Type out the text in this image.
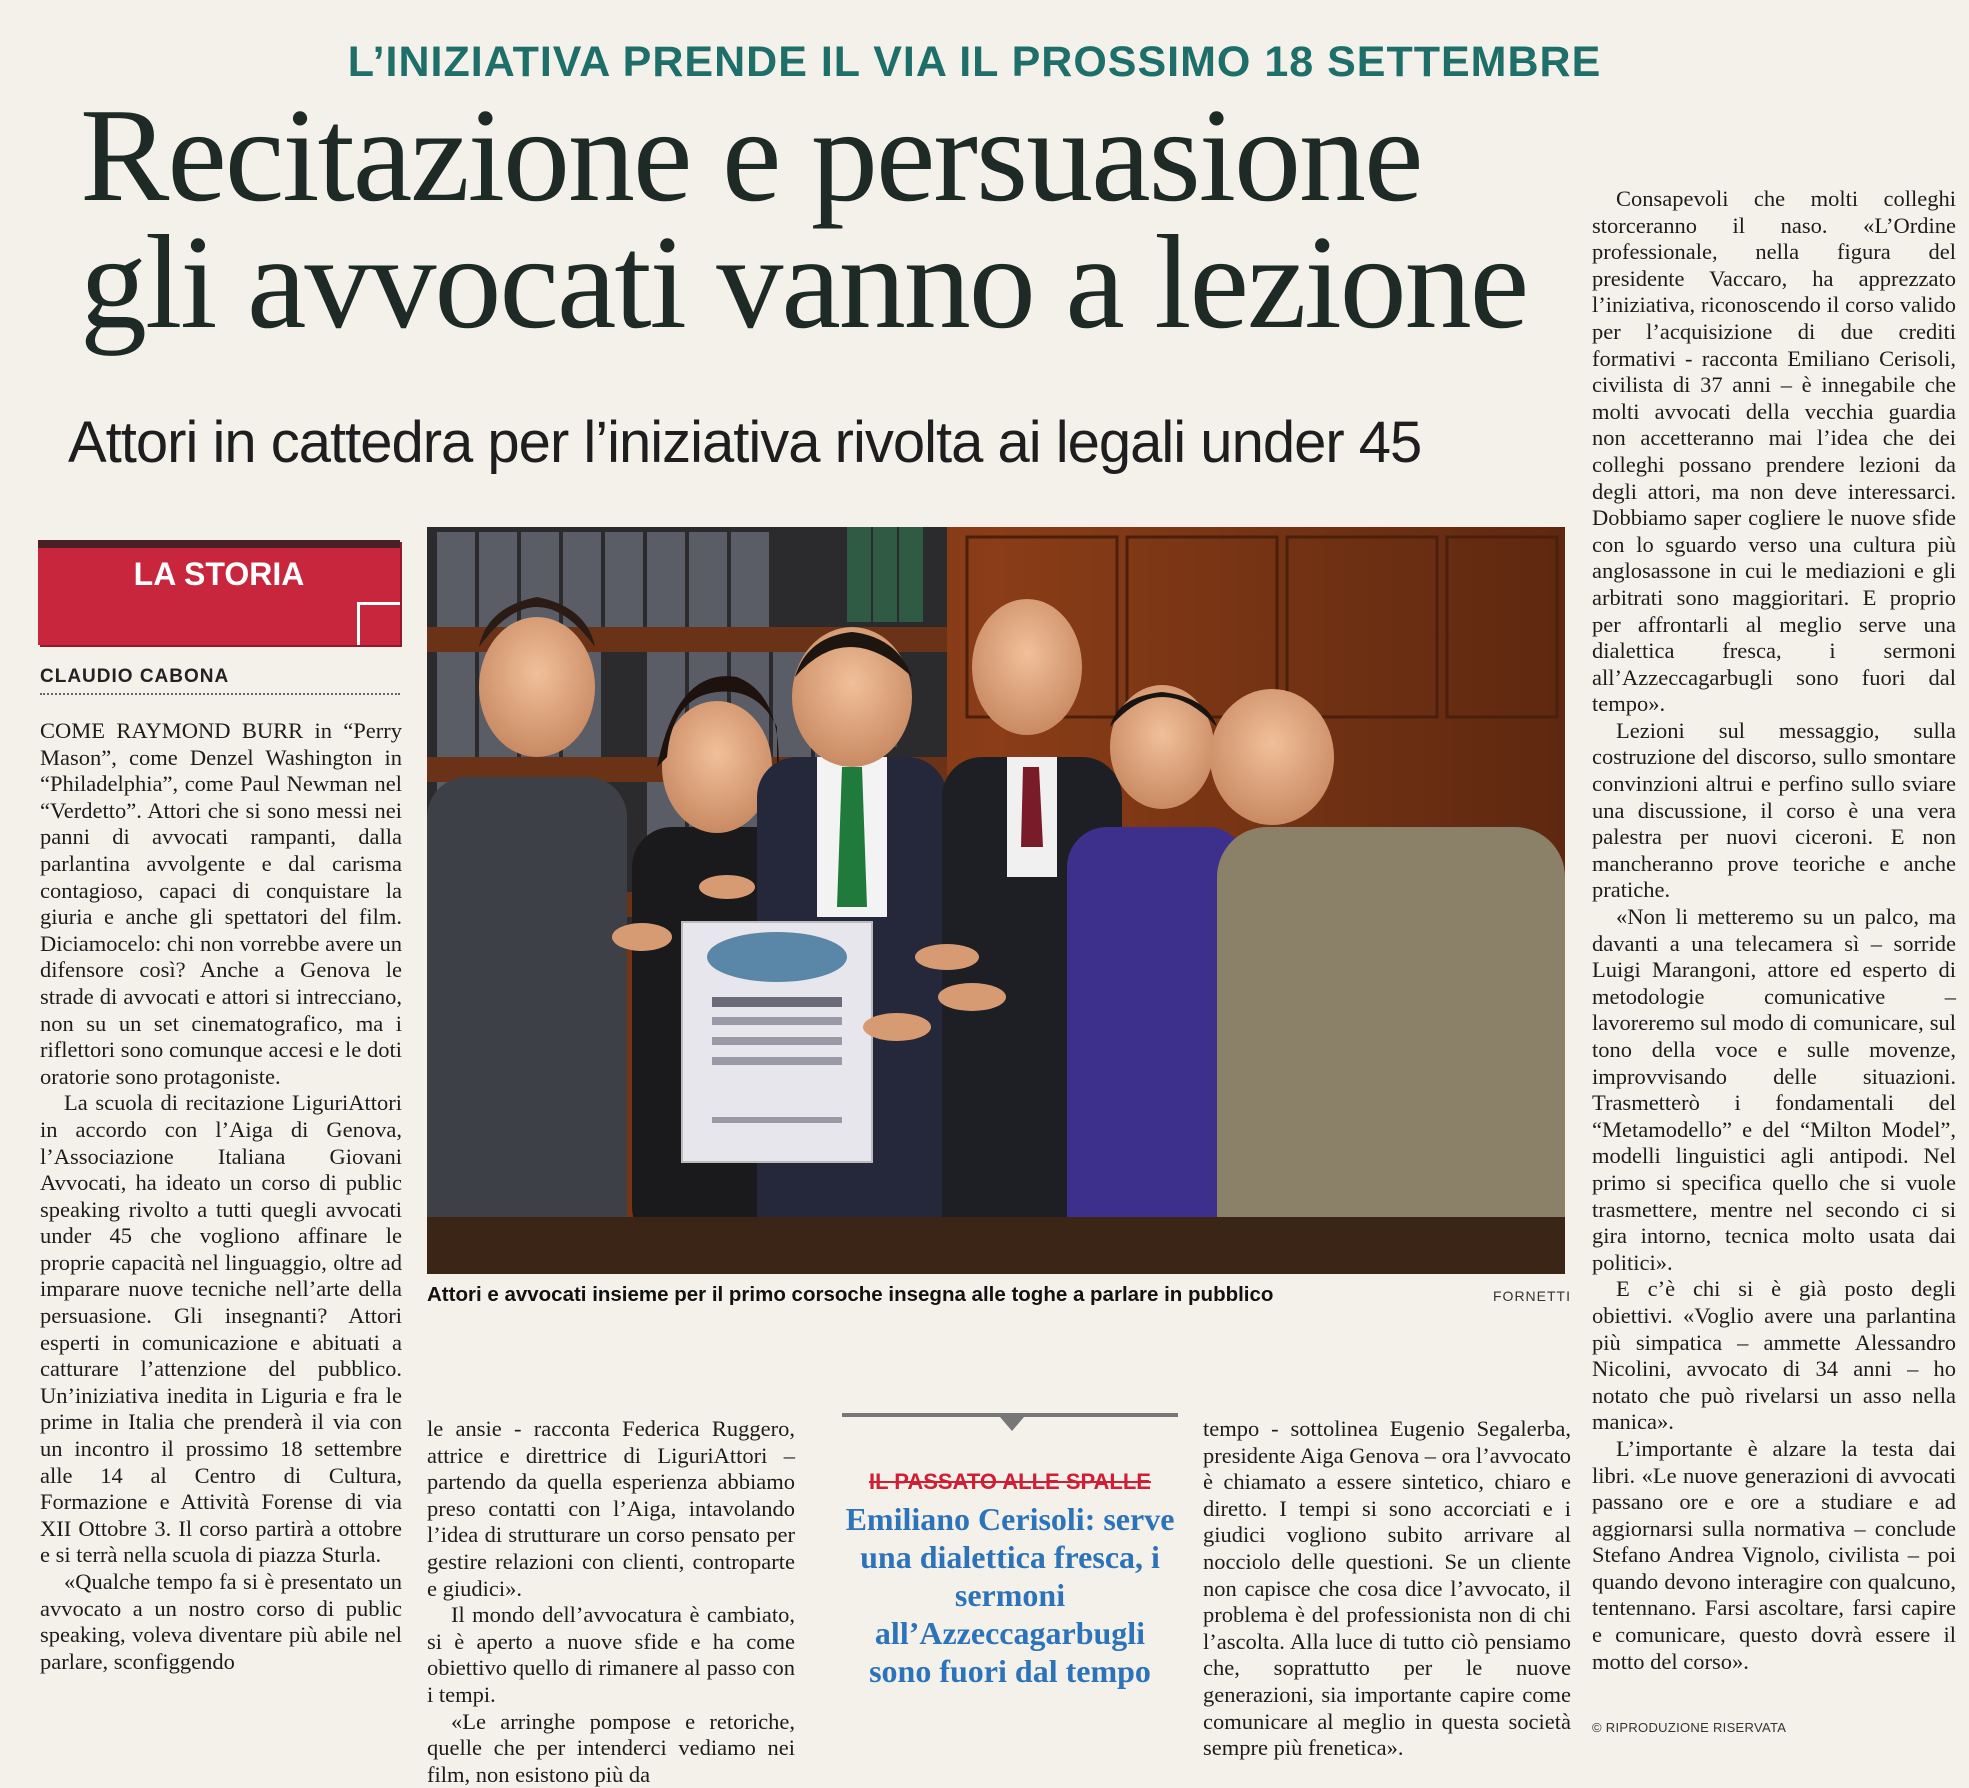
L’INIZIATIVA PRENDE IL VIA IL PROSSIMO 18 SETTEMBRE
Recitazione e persuasione
gli avvocati vanno a lezione
Attori in cattedra per l’iniziativa rivolta ai legali under 45
LA STORIA
CLAUDIO CABONA

COME RAYMOND BURR in “Perry Mason”, come Denzel Washington in “Philadelphia”, come Paul Newman nel “Verdetto”. Attori che si sono messi nei panni di avvocati rampanti, dalla parlantina avvolgente e dal carisma contagioso, capaci di conquistare la giuria e anche gli spettatori del film. Diciamocelo: chi non vorrebbe avere un difensore così? Anche a Genova le strade di avvocati e attori si intrecciano, non su un set cinematografico, ma i riflettori sono comunque accesi e le doti oratorie sono protagoniste.

La scuola di recitazione LiguriAttori in accordo con l’Aiga di Genova, l’Associazione Italiana Giovani Avvocati, ha ideato un corso di public speaking rivolto a tutti quegli avvocati under 45 che vogliono affinare le proprie capacità nel linguaggio, oltre ad imparare nuove tecniche nell’arte della persuasione. Gli insegnanti? Attori esperti in comunicazione e abituati a catturare l’attenzione del pubblico. Un’iniziativa inedita in Liguria e fra le prime in Italia che prenderà il via con un incontro il prossimo 18 settembre alle 14 al Centro di Cultura, Formazione e Attività Forense di via XII Ottobre 3. Il corso partirà a ottobre e si terrà nella scuola di piazza Sturla.

«Qualche tempo fa si è presentato un avvocato a un nostro corso di public speaking, voleva diventare più abile nel parlare, sconfiggendo

Attori e avvocati insieme per il primo corsoche insegna alle toghe a parlare in pubblico	FORNETTI

le ansie - racconta Federica Ruggero, attrice e direttrice di LiguriAttori – partendo da quella esperienza abbiamo preso contatti con l’Aiga, intavolando l’idea di strutturare un corso pensato per gestire relazioni con clienti, controparte e giudici».

Il mondo dell’avvocatura è cambiato, si è aperto a nuove sfide e ha come obiettivo quello di rimanere al passo con i tempi.

«Le arringhe pompose e retoriche, quelle che per intenderci vediamo nei film, non esistono più da

IL PASSATO ALLE SPALLE
Emiliano Cerisoli: serve una dialettica fresca, i sermoni all’Azzeccagarbugli sono fuori dal tempo

tempo - sottolinea Eugenio Segalerba, presidente Aiga Genova – ora l’avvocato è chiamato a essere sintetico, chiaro e diretto. I tempi si sono accorciati e i giudici vogliono subito arrivare al nocciolo delle questioni. Se un cliente non capisce che cosa dice l’avvocato, il problema è del professionista non di chi l’ascolta. Alla luce di tutto ciò pensiamo che, soprattutto per le nuove generazioni, sia importante capire come comunicare al meglio in questa società sempre più frenetica».

Consapevoli che molti colleghi storceranno il naso. «L’Ordine professionale, nella figura del presidente Vaccaro, ha apprezzato l’iniziativa, riconoscendo il corso valido per l’acquisizione di due crediti formativi - racconta Emiliano Cerisoli, civilista di 37 anni – è innegabile che molti avvocati della vecchia guardia non accetteranno mai l’idea che dei colleghi possano prendere lezioni da degli attori, ma non deve interessarci. Dobbiamo saper cogliere le nuove sfide con lo sguardo verso una cultura più anglosassone in cui le mediazioni e gli arbitrati sono maggioritari. E proprio per affrontarli al meglio serve una dialettica fresca, i sermoni all’Azzeccagarbugli sono fuori dal tempo».

Lezioni sul messaggio, sulla costruzione del discorso, sullo smontare convinzioni altrui e perfino sullo sviare una discussione, il corso è una vera palestra per nuovi ciceroni. E non mancheranno prove teoriche e anche pratiche.

«Non li metteremo su un palco, ma davanti a una telecamera sì – sorride Luigi Marangoni, attore ed esperto di metodologie comunicative – lavoreremo sul modo di comunicare, sul tono della voce e sulle movenze, improvvisando delle situazioni. Trasmetterò i fondamentali del “Metamodello” e del “Milton Model”, modelli linguistici agli antipodi. Nel primo si specifica quello che si vuole trasmettere, mentre nel secondo ci si gira intorno, tecnica molto usata dai politici».

E c’è chi si è già posto degli obiettivi. «Voglio avere una parlantina più simpatica – ammette Alessandro Nicolini, avvocato di 34 anni – ho notato che può rivelarsi un asso nella manica».

L’importante è alzare la testa dai libri. «Le nuove generazioni di avvocati passano ore e ore a studiare e ad aggiornarsi sulla normativa – conclude Stefano Andrea Vignolo, civilista – poi quando devono interagire con qualcuno, tentennano. Farsi ascoltare, farsi capire e comunicare, questo dovrà essere il motto del corso».

© RIPRODUZIONE RISERVATA
